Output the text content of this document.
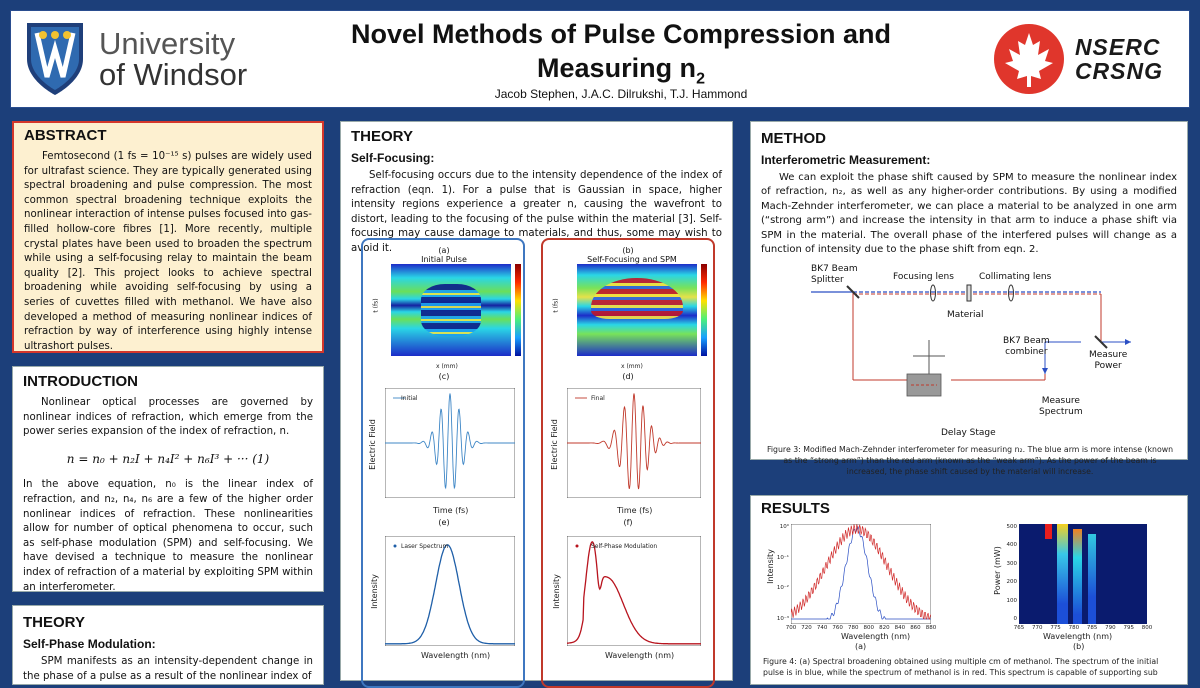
University
of Windsor
Novel Methods of Pulse Compression and
Measuring $n_2$
Jacob Stephen, J.A.C. Dilrukshi, T.J. Hammond
NSERC
CRSNG
ABSTRACT

Femtosecond (1 fs = 10⁻¹⁵ s) pulses are widely used for ultrafast science. They are typically generated using spectral broadening and pulse compression. The most common spectral broadening technique exploits the nonlinear interaction of intense pulses focused into gas-filled hollow-core fibres [1]. More recently, multiple crystal plates have been used to broaden the spectrum while using a self-focusing relay to maintain the beam quality [2]. This project looks to achieve spectral broadening while avoiding self-focusing by using a series of cuvettes filled with methanol. We have also developed a method of measuring nonlinear indices of refraction by way of interference using highly intense ultrashort pulses.

INTRODUCTION

Nonlinear optical processes are governed by nonlinear indices of refraction, which emerge from the power series expansion of the index of refraction, n.

n = n₀ + n₂I + n₄I² + n₆I³ + ··· (1)

In the above equation, n₀ is the linear index of refraction, and n₂, n₄, n₆ are a few of the higher order nonlinear indices of refraction. These nonlinearities allow for number of optical phenomena to occur, such as self-phase modulation (SPM) and self-focusing. We have devised a technique to measure the nonlinear index of refraction of a material by exploiting SPM within an interferometer.

THEORY
Self-Phase Modulation:

SPM manifests as an intensity-dependent change in the phase of a pulse as a result of the nonlinear index of

THEORY
Self-Focusing:

Self-focusing occurs due to the intensity dependence of the index of refraction (eqn. 1). For a pulse that is Gaussian in space, higher intensity regions experience a greater n, causing the wavefront to distort, leading to the focusing of the pulse within the material [3]. Self-focusing may cause damage to materials, and thus, some may wish to avoid it.	(a)
Initial Pulse
t (fs)
x (mm)
(c)
(b)
Self-Focusing and SPM
t (fs)
x (mm)
(d)
Initial
Electric Field
Time (fs)
(e)
Final
Electric Field
Time (fs)
(f)
Laser Spectrum
Intensity
Wavelength (nm)
Self-Phase Modulation
Intensity
Wavelength (nm)
METHOD
Interferometric Measurement:

We can exploit the phase shift caused by SPM to measure the nonlinear index of refraction, n₂, as well as any higher-order contributions. By using a modified Mach-Zehnder interferometer, we can place a material to be analyzed in one arm (“strong arm”) and increase the intensity in that arm to induce a phase shift via SPM in the material. The overall phase of the interfered pulses will change as a function of intensity due to the phase shift from eqn. 2.

BK7 Beam
Splitter	Focusing lens	Collimating lens
Material
BK7 Beam
combiner	Measure
Power
Measure
Spectrum
Delay Stage
Figure 3: Modified Mach-Zehnder interferometer for measuring n₂. The blue arm is more intense (known as the “strong arm”) than the red arm (known as the “weak arm”). As the power of the beam is increased, the phase shift caused by the material will increase.
RESULTS
Intensity
Wavelength (nm)
(a)
700 720 740 760 780 800 820 840 860 880
10⁰
10⁻¹
10⁻²
10⁻³
Power (mW)
Wavelength (nm)
(b)
765 770 775 780 785 790 795 800
500
400
300
200
100
0
Figure 4: (a) Spectral broadening obtained using multiple cm of methanol. The spectrum of the initial pulse is in blue, while the spectrum of methanol is in red. This spectrum is capable of supporting sub
